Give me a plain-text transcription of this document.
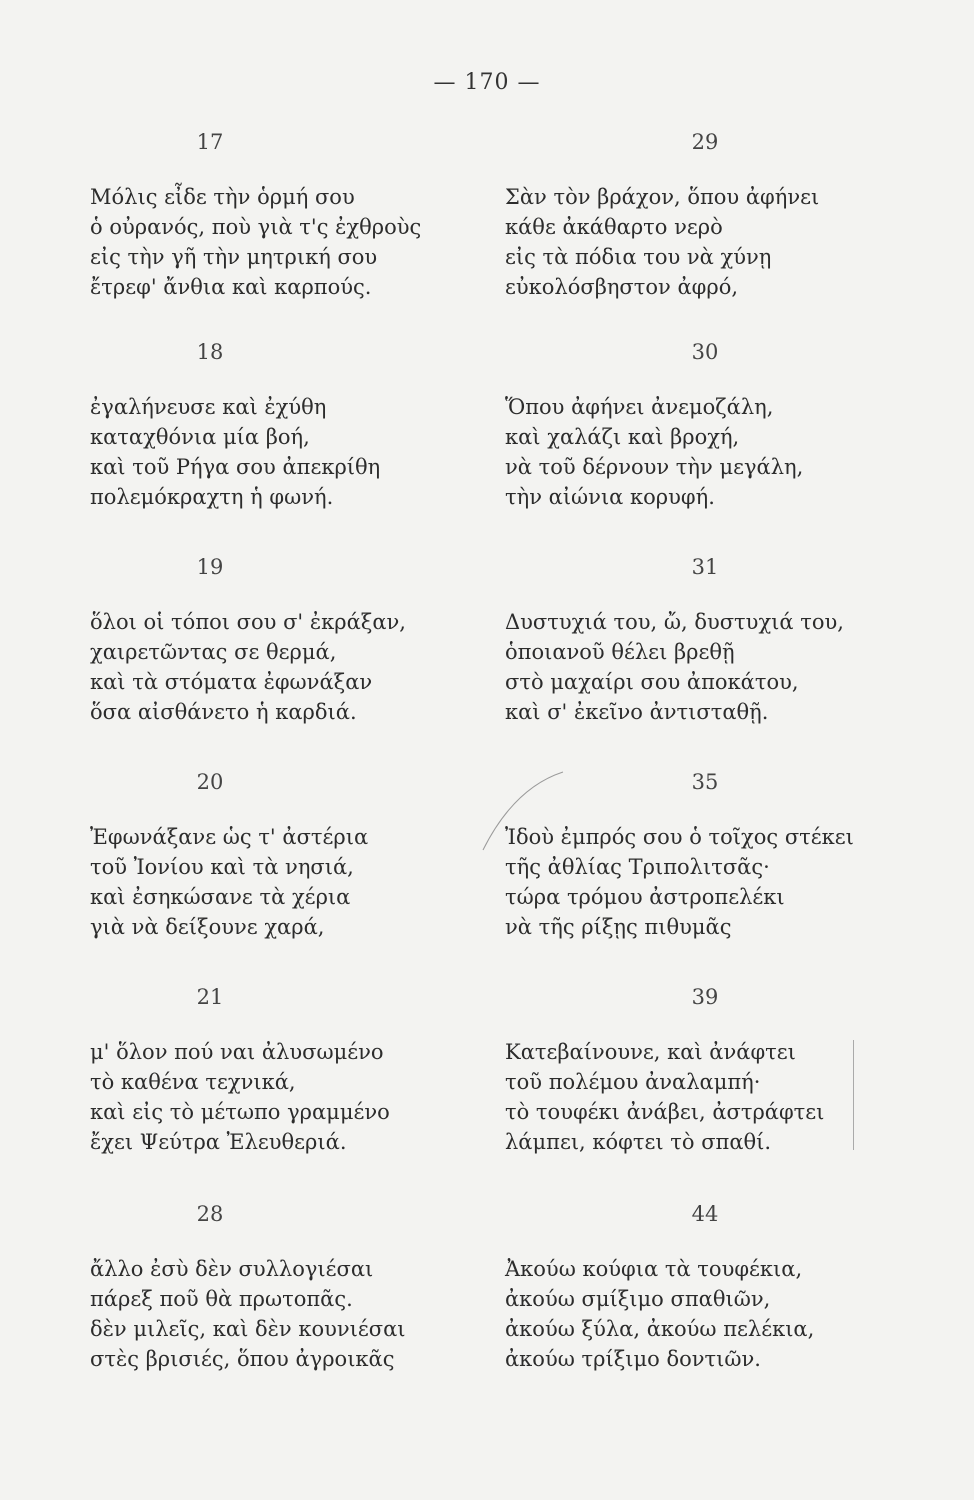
— 170 —
17
Μόλις εἶδε τὴν ὁρμή σου
ὁ οὐρανός, ποὺ γιὰ τ'ς ἐχθροὺς
εἰς τὴν γῆ τὴν μητρική σου
ἔτρεφ' ἄνθια καὶ καρπούς.
18
ἐγαλήνευσε καὶ ἐχύθη
καταχθόνια μία βοή,
καὶ τοῦ Ρήγα σου ἀπεκρίθη
πολεμόκραχτη ἡ φωνή.
19
ὅλοι οἱ τόποι σου σ' ἐκράξαν,
χαιρετῶντας σε θερμά,
καὶ τὰ στόματα ἐφωνάξαν
ὅσα αἰσθάνετο ἡ καρδιά.
20
Ἐφωνάξανε ὡς τ' ἀστέρια
τοῦ Ἰονίου καὶ τὰ νησιά,
καὶ ἐσηκώσανε τὰ χέρια
γιὰ νὰ δείξουνε χαρά,
21
μ' ὅλον πού ναι ἀλυσωμένο
τὸ καθένα τεχνικά,
καὶ εἰς τὸ μέτωπο γραμμένο
ἔχει Ψεύτρα Ἐλευθεριά.
28
ἄλλο ἐσὺ δὲν συλλογιέσαι
πάρεξ ποῦ θὰ πρωτοπᾶς.
δὲν μιλεῖς, καὶ δὲν κουνιέσαι
στὲς βρισιές, ὅπου ἀγροικᾶς
29
Σὰν τὸν βράχον, ὅπου ἀφήνει
κάθε ἀκάθαρτο νερὸ
εἰς τὰ πόδια του νὰ χύνῃ
εὐκολόσβηστον ἀφρό,
30
Ὅπου ἀφήνει ἀνεμοζάλη,
καὶ χαλάζι καὶ βροχή,
νὰ τοῦ δέρνουν τὴν μεγάλη,
τὴν αἰώνια κορυφή.
31
Δυστυχιά του, ὤ, δυστυχιά του,
ὁποιανοῦ θέλει βρεθῇ
στὸ μαχαίρι σου ἀποκάτου,
καὶ σ' ἐκεῖνο ἀντισταθῇ.
35
Ἰδοὺ ἐμπρός σου ὁ τοῖχος στέκει
τῆς ἀθλίας Τριπολιτσᾶς·
τώρα τρόμου ἀστροπελέκι
νὰ τῆς ρίξῃς πιθυμᾶς
39
Κατεβαίνουνε, καὶ ἀνάφτει
τοῦ πολέμου ἀναλαμπή·
τὸ τουφέκι ἀνάβει, ἀστράφτει
λάμπει, κόφτει τὸ σπαθί.
44
Ἀκούω κούφια τὰ τουφέκια,
ἀκούω σμίξιμο σπαθιῶν,
ἀκούω ξύλα, ἀκούω πελέκια,
ἀκούω τρίξιμο δοντιῶν.
